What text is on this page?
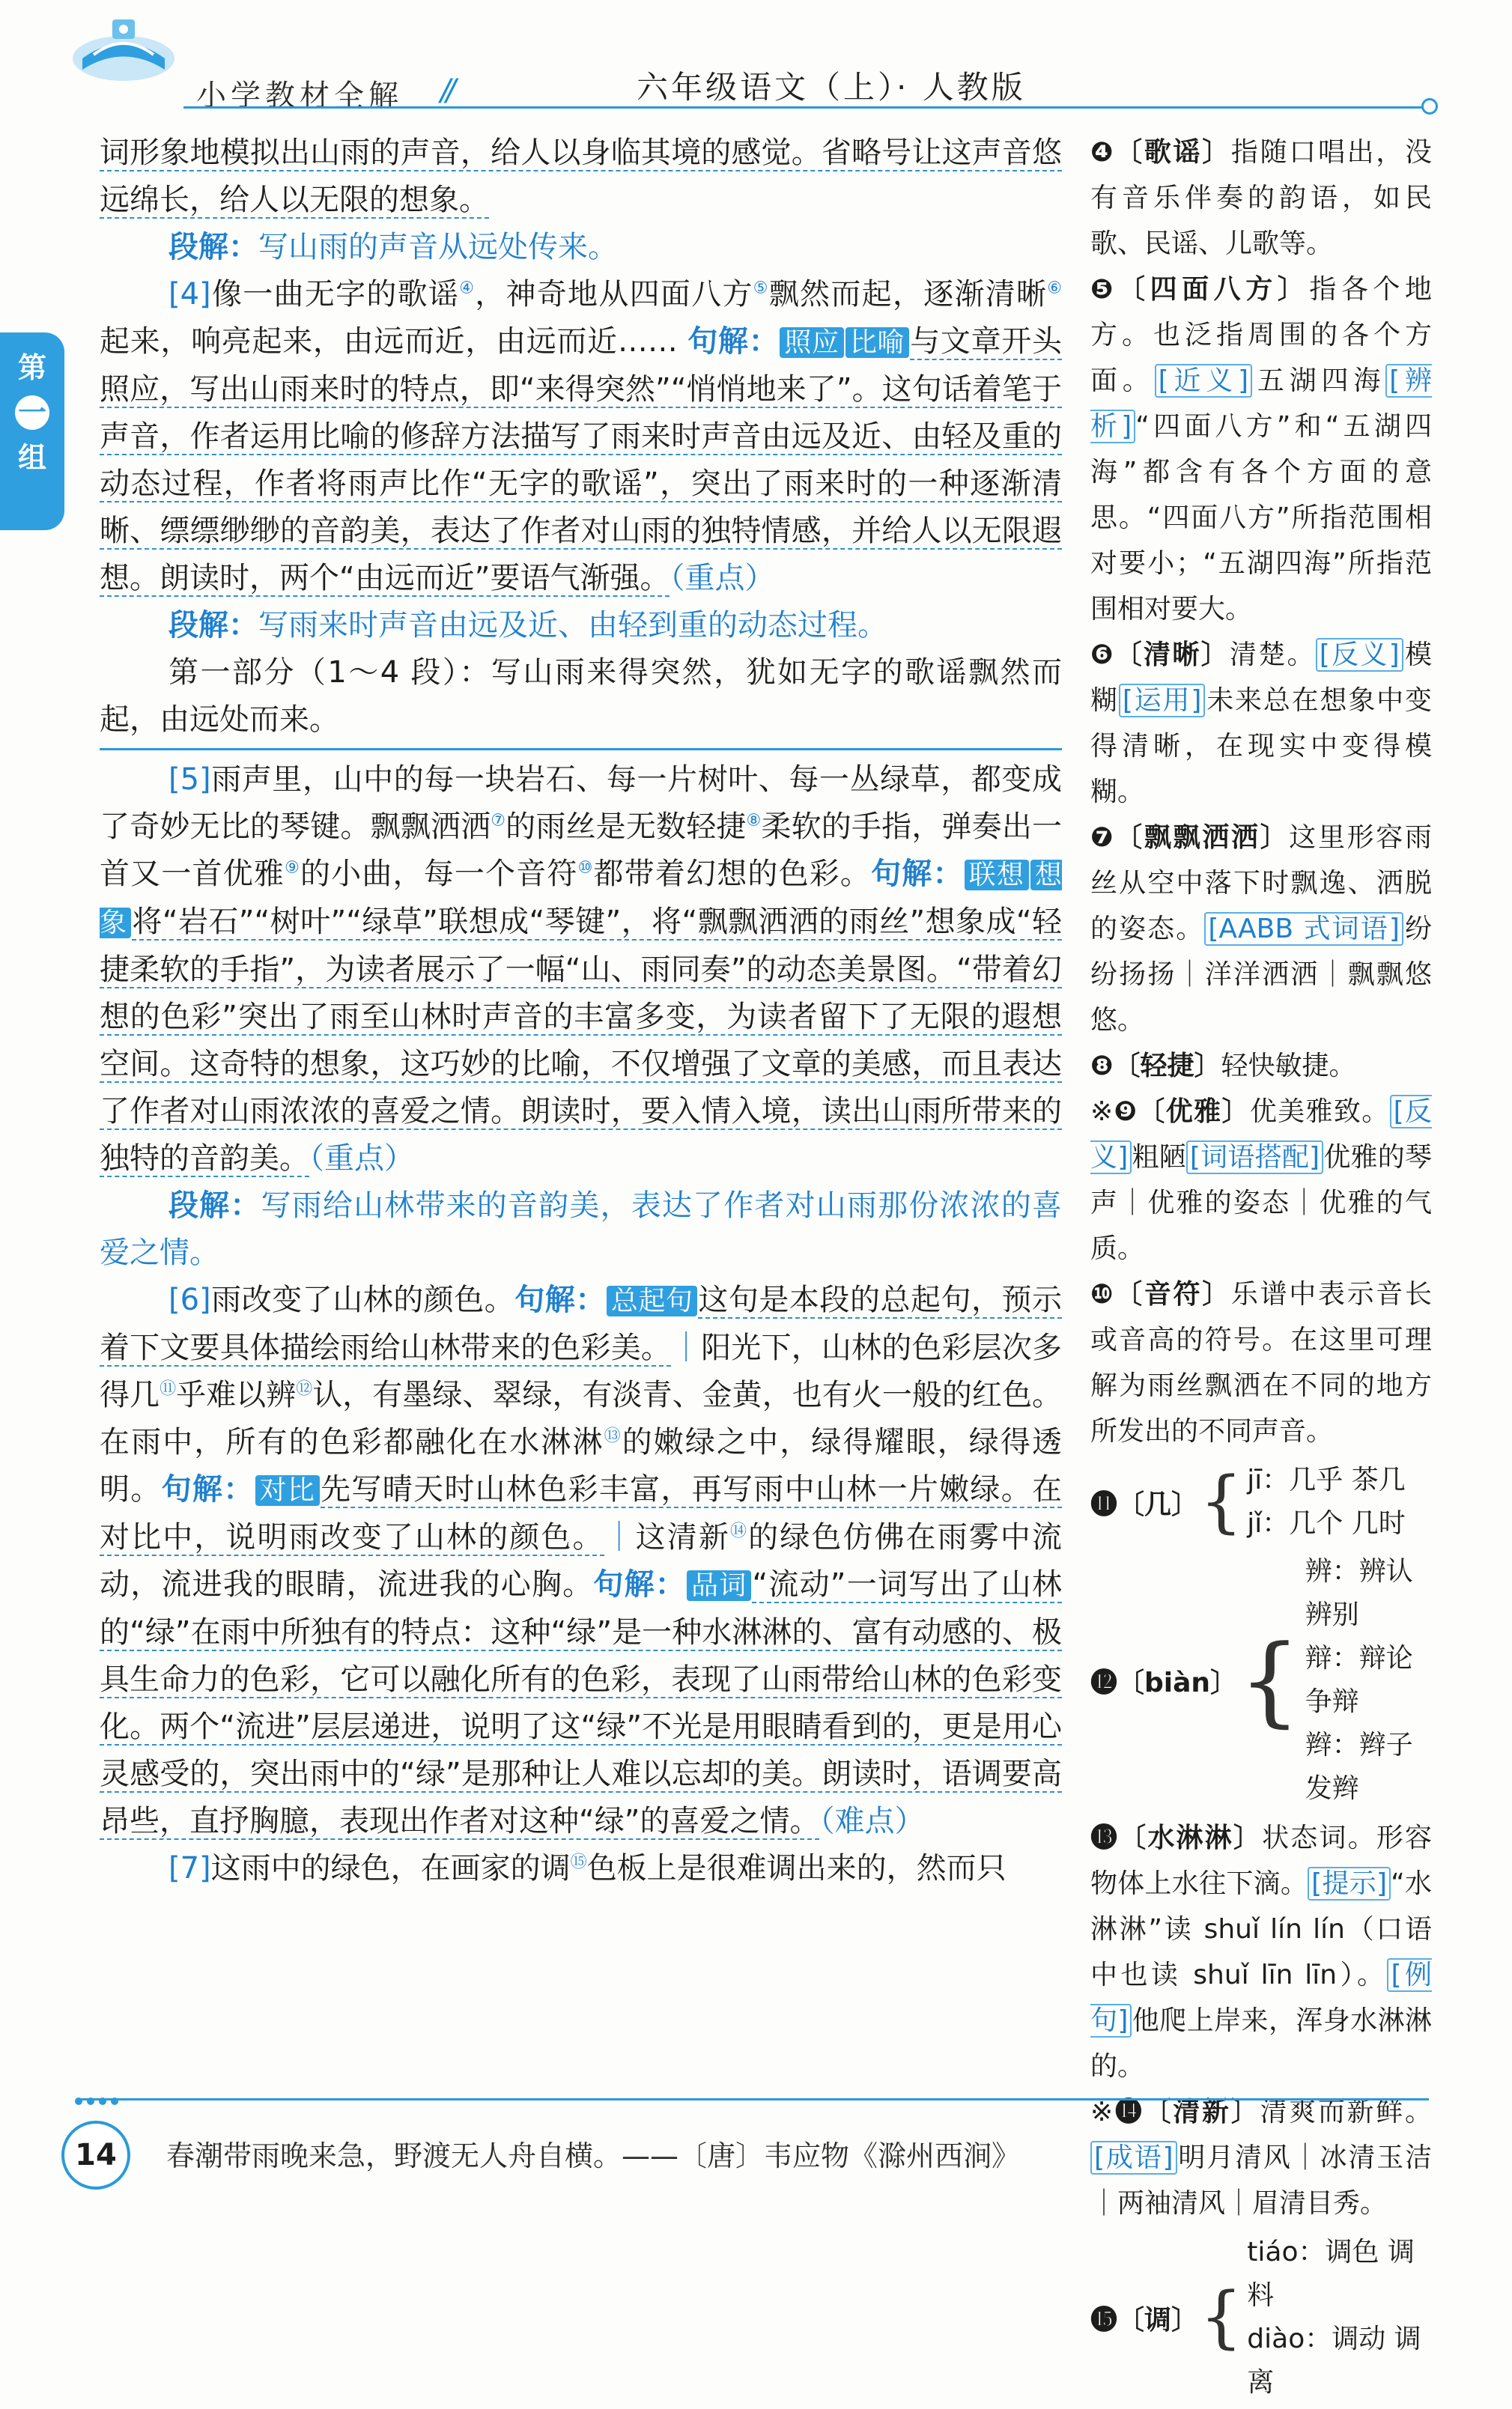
小学教材全解 //	六年级语文（上）· 人教版
第
一
组

词形象地模拟出山雨的声音，给人以身临其境的感觉。省略号让这声音悠远绵长，给人以无限的想象。

段解：写山雨的声音从远处传来。

[4]像一曲无字的歌谣④，神奇地从四面八方⑤飘然而起，逐渐清晰⑥起来，响亮起来，由远而近，由远而近…… 句解： 照应 比喻 与文章开头照应，写出山雨来时的特点，即“来得突然”“悄悄地来了”。这句话着笔于声音，作者运用比喻的修辞方法描写了雨来时声音由远及近、由轻及重的动态过程，作者将雨声比作“无字的歌谣”，突出了雨来时的一种逐渐清晰、缥缥缈缈的音韵美，表达了作者对山雨的独特情感，并给人以无限遐想。朗读时，两个“由远而近”要语气渐强。（重点）

段解：写雨来时声音由远及近、由轻到重的动态过程。

第一部分（1～4 段）：写山雨来得突然，犹如无字的歌谣飘然而起，由远处而来。

[5]雨声里，山中的每一块岩石、每一片树叶、每一丛绿草，都变成了奇妙无比的琴键。飘飘洒洒⑦的雨丝是无数轻捷⑧柔软的手指，弹奏出一首又一首优雅⑨的小曲，每一个音符⑩都带着幻想的色彩。句解： 联想 想象 将“岩石”“树叶”“绿草”联想成“琴键”，将“飘飘洒洒的雨丝”想象成“轻捷柔软的手指”，为读者展示了一幅“山、雨同奏”的动态美景图。“带着幻想的色彩”突出了雨至山林时声音的丰富多变，为读者留下了无限的遐想空间。这奇特的想象，这巧妙的比喻，不仅增强了文章的美感，而且表达了作者对山雨浓浓的喜爱之情。朗读时，要入情入境，读出山雨所带来的独特的音韵美。（重点）

段解：写雨给山林带来的音韵美，表达了作者对山雨那份浓浓的喜爱之情。

[6]雨改变了山林的颜色。句解： 总起句 这句是本段的总起句，预示着下文要具体描绘雨给山林带来的色彩美。｜阳光下，山林的色彩层次多得几⑪乎难以辨⑫认，有墨绿、翠绿，有淡青、金黄，也有火一般的红色。在雨中，所有的色彩都融化在水淋淋⑬的嫩绿之中，绿得耀眼，绿得透明。句解： 对比 先写晴天时山林色彩丰富，再写雨中山林一片嫩绿。在对比中，说明雨改变了山林的颜色。｜这清新⑭的绿色仿佛在雨雾中流动，流进我的眼睛，流进我的心胸。句解： 品词 “流动”一词写出了山林的“绿”在雨中所独有的特点：这种“绿”是一种水淋淋的、富有动感的、极具生命力的色彩，它可以融化所有的色彩，表现了山雨带给山林的色彩变化。两个“流进”层层递进，说明了这“绿”不光是用眼睛看到的，更是用心灵感受的，突出雨中的“绿”是那种让人难以忘却的美。朗读时，语调要高昂些，直抒胸臆，表现出作者对这种“绿”的喜爱之情。（难点）

[7]这雨中的绿色，在画家的调⑮色板上是很难调出来的，然而只

❹〔歌谣〕指随口唱出，没有音乐伴奏的韵语，如民歌、民谣、儿歌等。

❺〔四面八方〕指各个地方。也泛指周围的各个方面。 [近义] 五湖四海 [辨析] “四面八方”和“五湖四海”都含有各个方面的意思。“四面八方”所指范围相对要小；“五湖四海”所指范围相对要大。

❻〔清晰〕清楚。 [反义] 模糊 [运用] 未来总在想象中变得清晰，在现实中变得模糊。

❼〔飘飘洒洒〕这里形容雨丝从空中落下时飘逸、洒脱的姿态。 [AABB 式词语] 纷纷扬扬｜洋洋洒洒｜飘飘悠悠。

❽〔轻捷〕轻快敏捷。

※❾〔优雅〕优美雅致。 [反义] 粗陋 [词语搭配] 优雅的琴声｜优雅的姿态｜优雅的气质。

❿〔音符〕乐谱中表示音长或音高的符号。在这里可理解为雨丝飘洒在不同的地方所发出的不同声音。

⓫ 〔几〕 { jī：几乎 茶几
jǐ：几个 几时
⓬ 〔biàn〕 {
辨：辨认 辨别
辩：辩论 争辩
辫：辫子 发辫

⓭〔水淋淋〕状态词。形容物体上水往下滴。 [提示] “水淋淋”读 shuǐ lín lín（口语中也读 shuǐ līn līn）。 [例句] 他爬上岸来，浑身水淋淋的。

※⓮〔清新〕清爽而新鲜。[成语] 明月清风｜冰清玉洁｜两袖清风｜眉清目秀。

⓯ 〔调〕 {
tiáo：调色 调料
diào：调动 调离
14	春潮带雨晚来急，野渡无人舟自横。——〔唐〕韦应物《滁州西涧》
